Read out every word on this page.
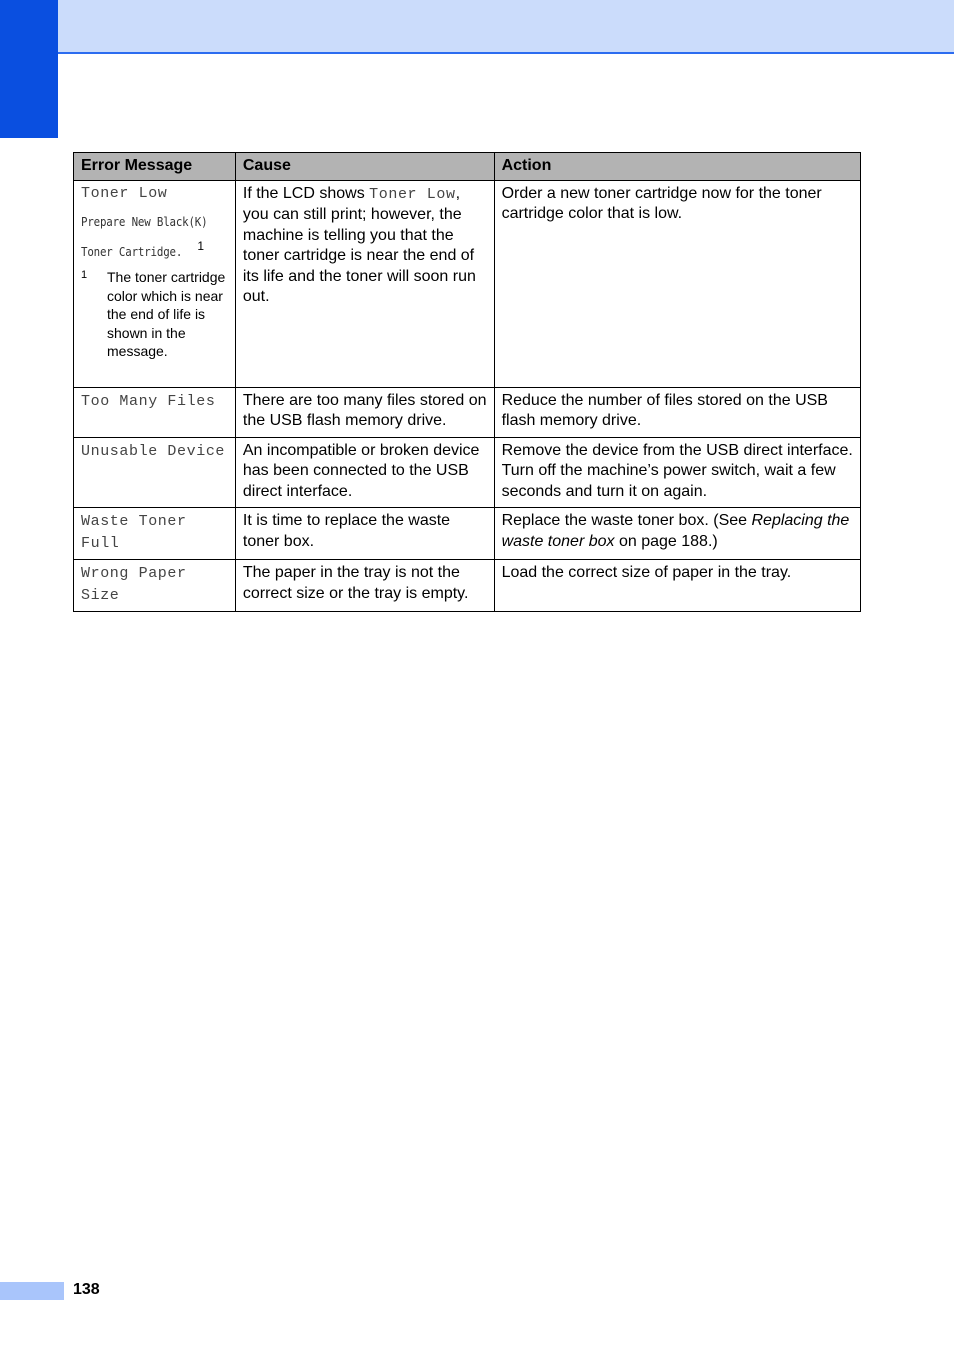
Error Message	Cause	Action

Toner Low
Prepare New Black(K)
Toner Cartridge. $^1$
1 The toner cartridge color which is near the end of life is shown in the message.	If the LCD shows Toner Low, you can still print; however, the machine is telling you that the toner cartridge is near the end of its life and the toner will soon run out.	Order a new toner cartridge now for the toner cartridge color that is low.
Too Many Files	There are too many files stored on the USB flash memory drive.	Reduce the number of files stored on the USB flash memory drive.
Unusable Device	An incompatible or broken device has been connected to the USB direct interface.	Remove the device from the USB direct interface. Turn off the machine’s power switch, wait a few seconds and turn it on again.
Waste Toner Full	It is time to replace the waste toner box.	Replace the waste toner box. (See Replacing the waste toner box on page 188.)
Wrong Paper Size	The paper in the tray is not the correct size or the tray is empty.	Load the correct size of paper in the tray.
138
